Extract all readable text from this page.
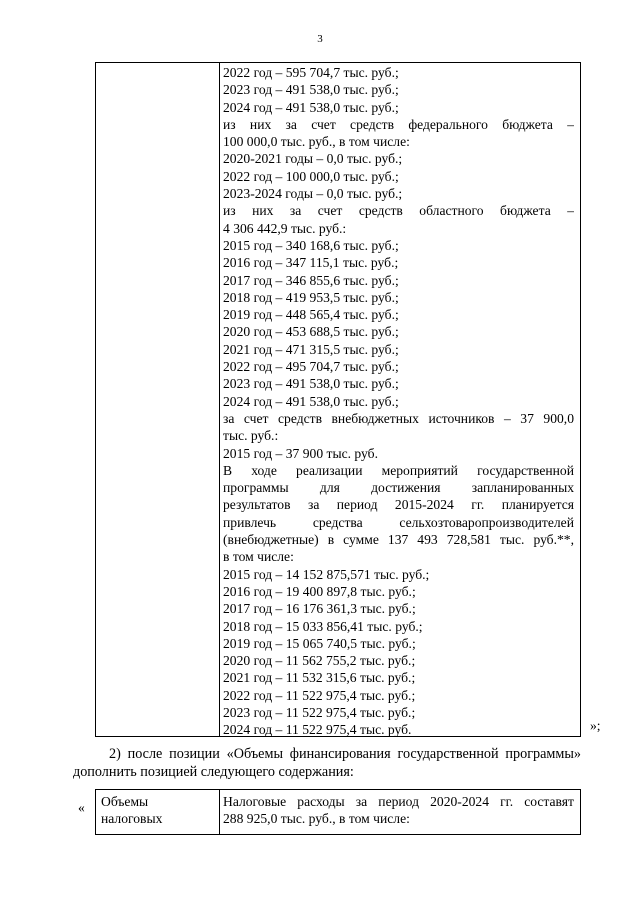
3
2022 год – 595 704,7 тыс. руб.;
2023 год – 491 538,0 тыс. руб.;
2024 год – 491 538,0 тыс. руб.;
из них за счет средств федерального бюджета –
100 000,0 тыс. руб., в том числе:
2020-2021 годы – 0,0 тыс. руб.;
2022 год – 100 000,0 тыс. руб.;
2023-2024 годы – 0,0 тыс. руб.;
из них за счет средств областного бюджета –
4 306 442,9 тыс. руб.:
2015 год – 340 168,6 тыс. руб.;
2016 год – 347 115,1 тыс. руб.;
2017 год – 346 855,6 тыс. руб.;
2018 год – 419 953,5 тыс. руб.;
2019 год – 448 565,4 тыс. руб.;
2020 год – 453 688,5 тыс. руб.;
2021 год – 471 315,5 тыс. руб.;
2022 год – 495 704,7 тыс. руб.;
2023 год – 491 538,0 тыс. руб.;
2024 год – 491 538,0 тыс. руб.;
за счет средств внебюджетных источников – 37 900,0
тыс. руб.:
2015 год – 37 900 тыс. руб.
В ходе реализации мероприятий государственной
программы для достижения запланированных
результатов за период 2015-2024 гг. планируется
привлечь средства сельхозтоваропроизводителей
(внебюджетные) в сумме 137 493 728,581 тыс. руб.**,
в том числе:
2015 год – 14 152 875,571 тыс. руб.;
2016 год – 19 400 897,8 тыс. руб.;
2017 год – 16 176 361,3 тыс. руб.;
2018 год – 15 033 856,41 тыс. руб.;
2019 год – 15 065 740,5 тыс. руб.;
2020 год – 11 562 755,2 тыс. руб.;
2021 год – 11 532 315,6 тыс. руб.;
2022 год – 11 522 975,4 тыс. руб.;
2023 год – 11 522 975,4 тыс. руб.;
2024 год – 11 522 975,4 тыс. руб.	»;
2) после позиции «Объемы финансирования государственной программы»
дополнить позицией следующего содержания:
« Объемы
налоговых
Налоговые расходы за период 2020-2024 гг. составят
288 925,0 тыс. руб., в том числе:
